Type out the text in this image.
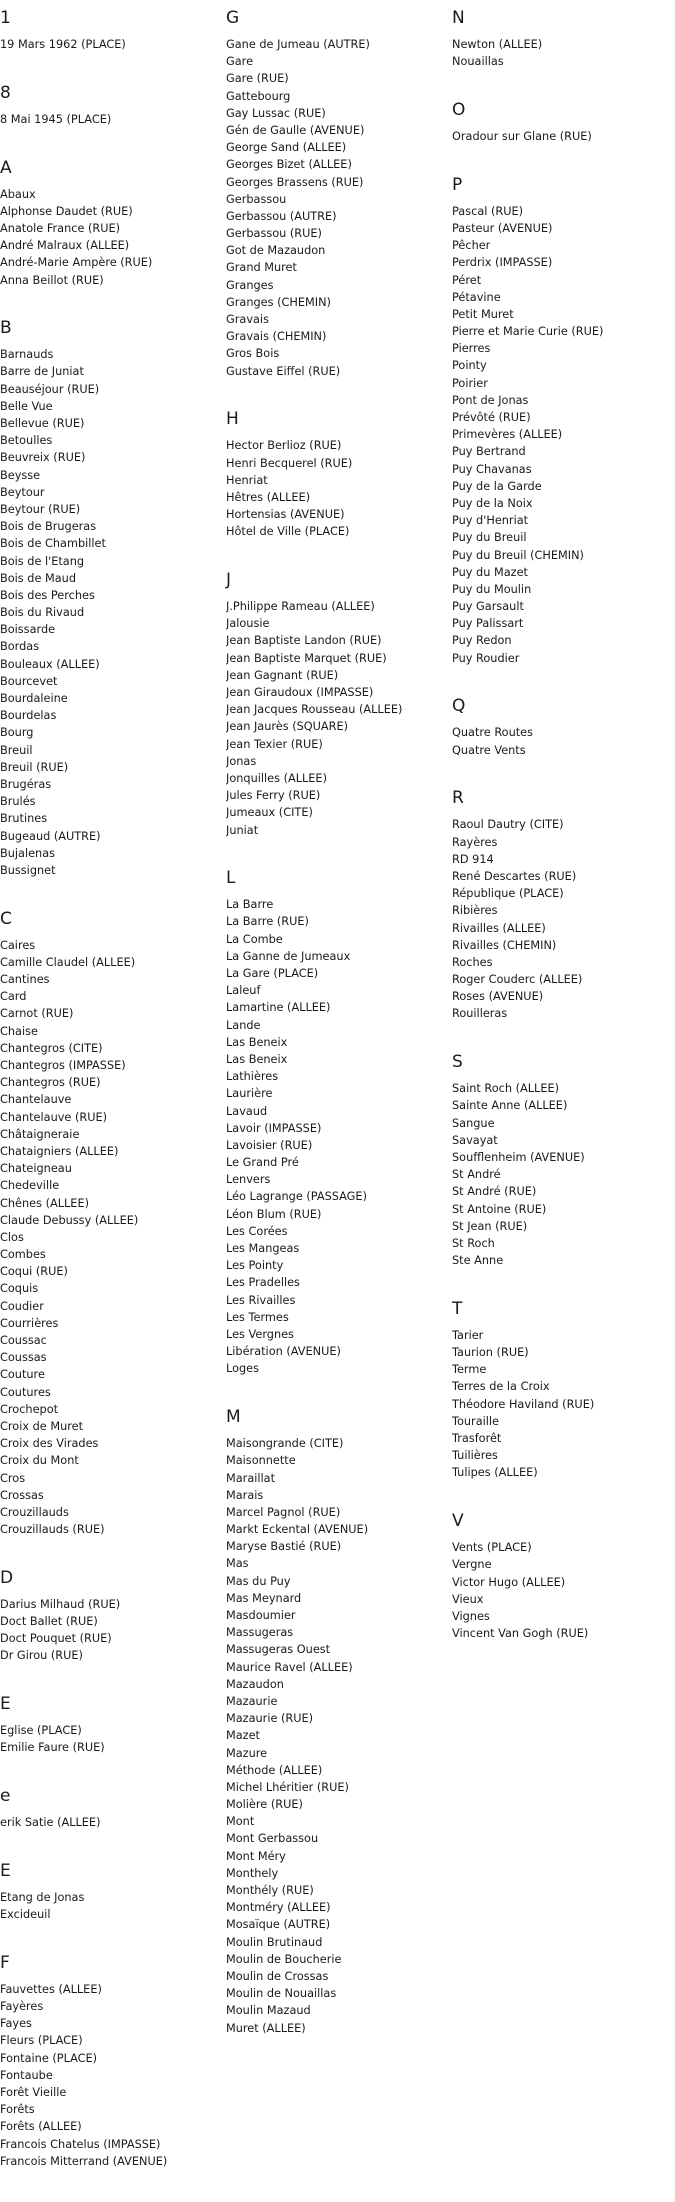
1
19 Mars 1962 (PLACE)
8
8 Mai 1945 (PLACE)
A
Abaux
Alphonse Daudet (RUE)
Anatole France (RUE)
André Malraux (ALLEE)
André-Marie Ampère (RUE)
Anna Beillot (RUE)
B
Barnauds
Barre de Juniat
Beauséjour (RUE)
Belle Vue
Bellevue (RUE)
Betoulles
Beuvreix (RUE)
Beysse
Beytour
Beytour (RUE)
Bois de Brugeras
Bois de Chambillet
Bois de l'Etang
Bois de Maud
Bois des Perches
Bois du Rivaud
Boissarde
Bordas
Bouleaux (ALLEE)
Bourcevet
Bourdaleine
Bourdelas
Bourg
Breuil
Breuil (RUE)
Brugéras
Brulés
Brutines
Bugeaud (AUTRE)
Bujalenas
Bussignet
C
Caires
Camille Claudel (ALLEE)
Cantines
Card
Carnot (RUE)
Chaise
Chantegros (CITE)
Chantegros (IMPASSE)
Chantegros (RUE)
Chantelauve
Chantelauve (RUE)
Châtaigneraie
Chataigniers (ALLEE)
Chateigneau
Chedeville
Chênes (ALLEE)
Claude Debussy (ALLEE)
Clos
Combes
Coqui (RUE)
Coquis
Coudier
Courrières
Coussac
Coussas
Couture
Coutures
Crochepot
Croix de Muret
Croix des Virades
Croix du Mont
Cros
Crossas
Crouzillauds
Crouzillauds (RUE)
D
Darius Milhaud (RUE)
Doct Ballet (RUE)
Doct Pouquet (RUE)
Dr Girou (RUE)
E
Eglise (PLACE)
Emilie Faure (RUE)
e
erik Satie (ALLEE)
E
Etang de Jonas
Excideuil
F
Fauvettes (ALLEE)
Fayères
Fayes
Fleurs (PLACE)
Fontaine (PLACE)
Fontaube
Forêt Vieille
Forêts
Forêts (ALLEE)
Francois Chatelus (IMPASSE)
Francois Mitterrand (AVENUE)
G
Gane de Jumeau (AUTRE)
Gare
Gare (RUE)
Gattebourg
Gay Lussac (RUE)
Gén de Gaulle (AVENUE)
George Sand (ALLEE)
Georges Bizet (ALLEE)
Georges Brassens (RUE)
Gerbassou
Gerbassou (AUTRE)
Gerbassou (RUE)
Got de Mazaudon
Grand Muret
Granges
Granges (CHEMIN)
Gravais
Gravais (CHEMIN)
Gros Bois
Gustave Eiffel (RUE)
H
Hector Berlioz (RUE)
Henri Becquerel (RUE)
Henriat
Hêtres (ALLEE)
Hortensias (AVENUE)
Hôtel de Ville (PLACE)
J
J.Philippe Rameau (ALLEE)
Jalousie
Jean Baptiste Landon (RUE)
Jean Baptiste Marquet (RUE)
Jean Gagnant (RUE)
Jean Giraudoux (IMPASSE)
Jean Jacques Rousseau (ALLEE)
Jean Jaurès (SQUARE)
Jean Texier (RUE)
Jonas
Jonquilles (ALLEE)
Jules Ferry (RUE)
Jumeaux (CITE)
Juniat
L
La Barre
La Barre (RUE)
La Combe
La Ganne de Jumeaux
La Gare (PLACE)
Laleuf
Lamartine (ALLEE)
Lande
Las Beneix
Las Beneix
Lathières
Laurière
Lavaud
Lavoir (IMPASSE)
Lavoisier (RUE)
Le Grand Pré
Lenvers
Léo Lagrange (PASSAGE)
Léon Blum (RUE)
Les Corées
Les Mangeas
Les Pointy
Les Pradelles
Les Rivailles
Les Termes
Les Vergnes
Libération (AVENUE)
Loges
M
Maisongrande (CITE)
Maisonnette
Maraillat
Marais
Marcel Pagnol (RUE)
Markt Eckental (AVENUE)
Maryse Bastié (RUE)
Mas
Mas du Puy
Mas Meynard
Masdoumier
Massugeras
Massugeras Ouest
Maurice Ravel (ALLEE)
Mazaudon
Mazaurie
Mazaurie (RUE)
Mazet
Mazure
Méthode (ALLEE)
Michel Lhéritier (RUE)
Molière (RUE)
Mont
Mont Gerbassou
Mont Méry
Monthely
Monthély (RUE)
Montméry (ALLEE)
Mosaïque (AUTRE)
Moulin Brutinaud
Moulin de Boucherie
Moulin de Crossas
Moulin de Nouaillas
Moulin Mazaud
Muret (ALLEE)
N
Newton (ALLEE)
Nouaillas
O
Oradour sur Glane (RUE)
P
Pascal (RUE)
Pasteur (AVENUE)
Pêcher
Perdrix (IMPASSE)
Péret
Pétavine
Petit Muret
Pierre et Marie Curie (RUE)
Pierres
Pointy
Poirier
Pont de Jonas
Prévôté (RUE)
Primevères (ALLEE)
Puy Bertrand
Puy Chavanas
Puy de la Garde
Puy de la Noix
Puy d'Henriat
Puy du Breuil
Puy du Breuil (CHEMIN)
Puy du Mazet
Puy du Moulin
Puy Garsault
Puy Palissart
Puy Redon
Puy Roudier
Q
Quatre Routes
Quatre Vents
R
Raoul Dautry (CITE)
Rayères
RD 914
René Descartes (RUE)
République (PLACE)
Ribières
Rivailles (ALLEE)
Rivailles (CHEMIN)
Roches
Roger Couderc (ALLEE)
Roses (AVENUE)
Rouilleras
S
Saint Roch (ALLEE)
Sainte Anne (ALLEE)
Sangue
Savayat
Soufflenheim (AVENUE)
St André
St André (RUE)
St Antoine (RUE)
St Jean (RUE)
St Roch
Ste Anne
T
Tarier
Taurion (RUE)
Terme
Terres de la Croix
Théodore Haviland (RUE)
Touraille
Trasforêt
Tuilières
Tulipes (ALLEE)
V
Vents (PLACE)
Vergne
Victor Hugo (ALLEE)
Vieux
Vignes
Vincent Van Gogh (RUE)
